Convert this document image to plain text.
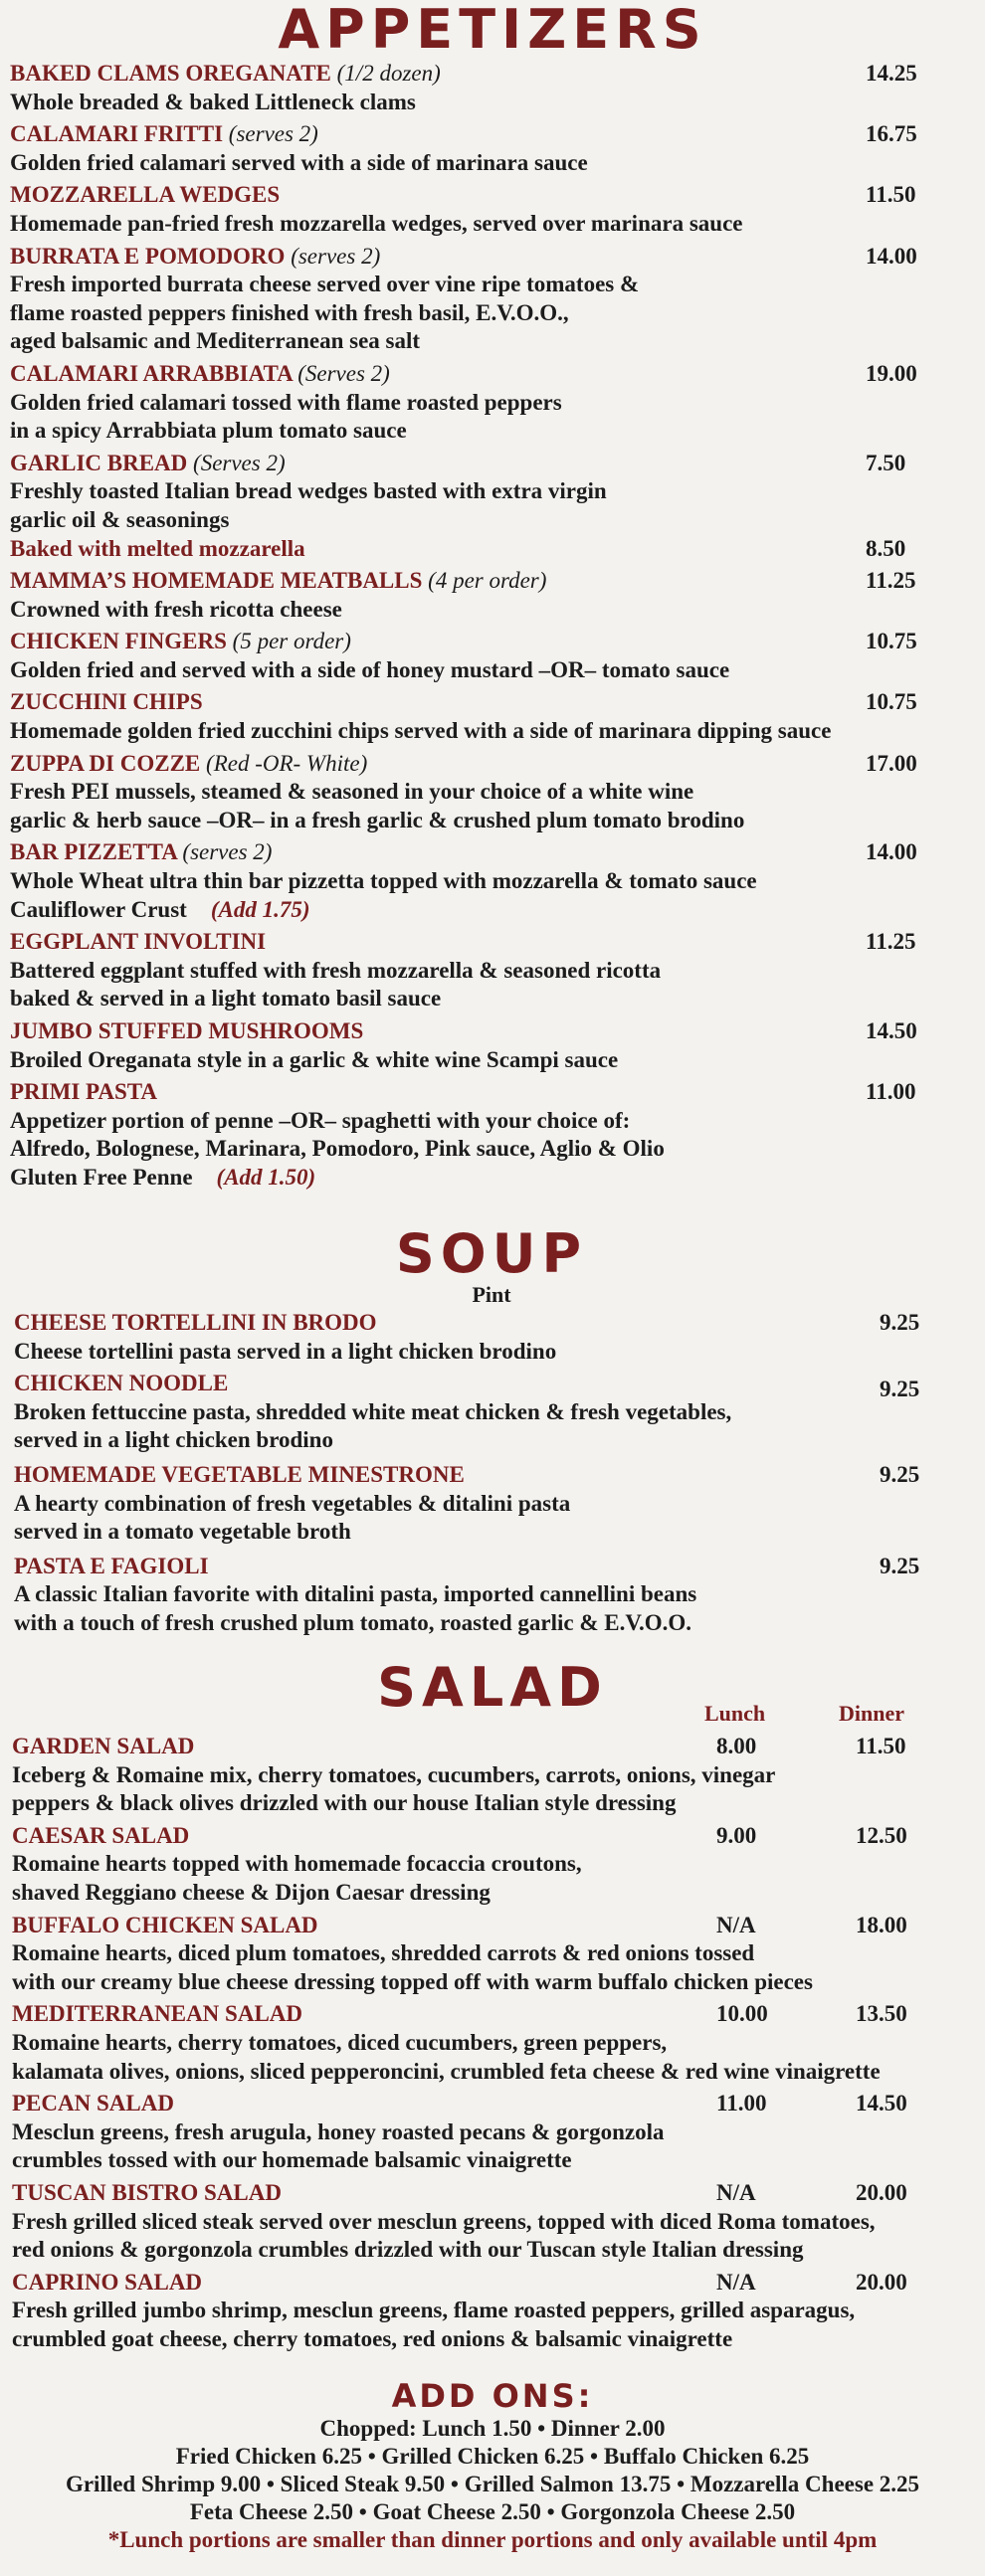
APPETIZERS
BAKED CLAMS OREGANATE (1/2 dozen)	14.25
Whole breaded & baked Littleneck clams
CALAMARI FRITTI (serves 2)	16.75
Golden fried calamari served with a side of marinara sauce
MOZZARELLA WEDGES	11.50
Homemade pan-fried fresh mozzarella wedges, served over marinara sauce
BURRATA E POMODORO (serves 2)	14.00
Fresh imported burrata cheese served over vine ripe tomatoes &
flame roasted peppers finished with fresh basil, E.V.O.O.,
aged balsamic and Mediterranean sea salt
CALAMARI ARRABBIATA (Serves 2)	19.00
Golden fried calamari tossed with flame roasted peppers
in a spicy Arrabbiata plum tomato sauce
GARLIC BREAD (Serves 2)	7.50
Freshly toasted Italian bread wedges basted with extra virgin
garlic oil & seasonings
Baked with melted mozzarella	8.50
MAMMA’S HOMEMADE MEATBALLS (4 per order)	11.25
Crowned with fresh ricotta cheese
CHICKEN FINGERS (5 per order)	10.75
Golden fried and served with a side of honey mustard –OR– tomato sauce
ZUCCHINI CHIPS	10.75
Homemade golden fried zucchini chips served with a side of marinara dipping sauce
ZUPPA DI COZZE (Red -OR- White)	17.00
Fresh PEI mussels, steamed & seasoned in your choice of a white wine
garlic & herb sauce –OR– in a fresh garlic & crushed plum tomato brodino
BAR PIZZETTA (serves 2)	14.00
Whole Wheat ultra thin bar pizzetta topped with mozzarella & tomato sauce
Cauliflower Crust (Add 1.75)
EGGPLANT INVOLTINI	11.25
Battered eggplant stuffed with fresh mozzarella & seasoned ricotta
baked & served in a light tomato basil sauce
JUMBO STUFFED MUSHROOMS	14.50
Broiled Oreganata style in a garlic & white wine Scampi sauce
PRIMI PASTA	11.00
Appetizer portion of penne –OR– spaghetti with your choice of:
Alfredo, Bolognese, Marinara, Pomodoro, Pink sauce, Aglio & Olio
Gluten Free Penne (Add 1.50)
SOUP
Pint
CHEESE TORTELLINI IN BRODO	9.25
Cheese tortellini pasta served in a light chicken brodino
CHICKEN NOODLE	9.25
Broken fettuccine pasta, shredded white meat chicken & fresh vegetables,
served in a light chicken brodino
HOMEMADE VEGETABLE MINESTRONE	9.25
A hearty combination of fresh vegetables & ditalini pasta
served in a tomato vegetable broth
PASTA E FAGIOLI	9.25
A classic Italian favorite with ditalini pasta, imported cannellini beans
with a touch of fresh crushed plum tomato, roasted garlic & E.V.O.O.
SALAD	Lunch	Dinner
GARDEN SALAD	8.00	11.50
Iceberg & Romaine mix, cherry tomatoes, cucumbers, carrots, onions, vinegar
peppers & black olives drizzled with our house Italian style dressing
CAESAR SALAD	9.00	12.50
Romaine hearts topped with homemade focaccia croutons,
shaved Reggiano cheese & Dijon Caesar dressing
BUFFALO CHICKEN SALAD	N/A	18.00
Romaine hearts, diced plum tomatoes, shredded carrots & red onions tossed
with our creamy blue cheese dressing topped off with warm buffalo chicken pieces
MEDITERRANEAN SALAD	10.00	13.50
Romaine hearts, cherry tomatoes, diced cucumbers, green peppers,
kalamata olives, onions, sliced pepperoncini, crumbled feta cheese & red wine vinaigrette
PECAN SALAD	11.00	14.50
Mesclun greens, fresh arugula, honey roasted pecans & gorgonzola
crumbles tossed with our homemade balsamic vinaigrette
TUSCAN BISTRO SALAD	N/A	20.00
Fresh grilled sliced steak served over mesclun greens, topped with diced Roma tomatoes,
red onions & gorgonzola crumbles drizzled with our Tuscan style Italian dressing
CAPRINO SALAD	N/A	20.00
Fresh grilled jumbo shrimp, mesclun greens, flame roasted peppers, grilled asparagus,
crumbled goat cheese, cherry tomatoes, red onions & balsamic vinaigrette
ADD ONS:
Chopped: Lunch 1.50 • Dinner 2.00
Fried Chicken 6.25 • Grilled Chicken 6.25 • Buffalo Chicken 6.25
Grilled Shrimp 9.00 • Sliced Steak 9.50 • Grilled Salmon 13.75 • Mozzarella Cheese 2.25
Feta Cheese 2.50 • Goat Cheese 2.50 • Gorgonzola Cheese 2.50
*Lunch portions are smaller than dinner portions and only available until 4pm
